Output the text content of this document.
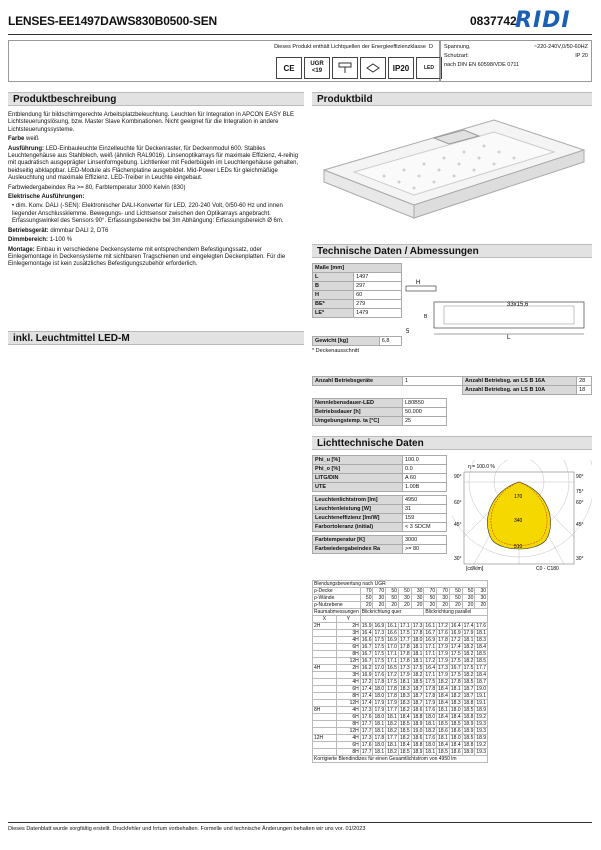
LENSES-EE1497DAWS830B0500-SEN	0837742
RIDI
Dieses Produkt enthält Lichtquellen der Energieeffizienzklasse D
CE	UGR <19	IP20	LED
Spannung,	~220-240V,0/50-60HZ
Schutzart:	IP 20
nach DIN EN 60598/VDE 0711
Produktbeschreibung	Produktbild

Entblendung für bildschirmgerechte Arbeitsplatzbeleuchtung. Leuchten für Integration in APCON EASY BLE Lichtsteuerungslösung, bzw. Master Slave Kombinationen. Nicht geeignet für die Integration in andere Lichtsteuerungssysteme.

Farbe weiß

Ausführung: LED-Einbauleuchte Einzelleuchte für Deckenraster, für Deckenmodul 600. Stabiles Leuchtengehäuse aus Stahlblech, weiß (ähnlich RAL9016). Linsenoptikarrays für maximale Effizienz, 4-reihig mit quadratisch ausgeprägter Linsenformgebung. Lichtlenker mit Federbügeln im Leuchtengehäuse gehalten, beidseitig abklappbar. LED-Module als Flächenplatine ausgebildet. Mid-Power LEDs für gleichmäßige Ausleuchtung und maximale Effizienz. LED-Treiber in Leuchte eingebaut.

Farbwiedergabeindex Ra >= 80, Farbtemperatur 3000 Kelvin (830)

Elektrische Ausführungen:

• dim. Konv. DALI (-SEN): Elektronischer DALI-Konverter für LED, 220-240 Volt, 0/50-60 Hz und innen liegender Anschlussklemme. Bewegungs- und Lichtsensor zwischen den Optikarrays angebracht. Erfassungswinkel des Sensors 90°. Erfassungsbereiche bei 3m Abhängung: Erfassungsbereich Ø 6m.

Betriebsgerät: dimmbar DALI 2, DT6

Dimmbereich: 1-100 %

Montage: Einbau in verschiedene Deckensysteme mit entsprechendem Befestigungssatz, oder Einlegemontage in Deckensysteme mit sichtbaren Tragschienen und eingelegten Deckenplatten. Für die Einlegemontage ist kein zusätzliches Befestigungszubehör erforderlich.

inkl. Leuchtmittel LED-M
Technische Daten / Abmessungen
Maße [mm]	
L	1497
B	297
H	60
BE*	279
LE*	1479
Gewicht [kg]	6,8
* Deckenausschnitt
H
B
33x15,6
L
5
Anzahl Betriebsgeräte	1	Anzahl Betriebsg. an LS B 16A	28
		Anzahl Betriebsg. an LS B 10A	18
Nennlebensdauer-LED	L80B50
Betriebsdauer [h]	50.000
Umgebungstemp. ta [°C]	25
Lichttechnische Daten
Phi_u [%]	100.0
Phi_o [%]	0.0
LITG/DIN	A 60
UTE	1.00B

Leuchtenlichtstrom [lm]	4950
Leuchtenleistung [W]	31
Leuchteneffizienz [lm/W]	159
Farbortoleranz (initial)	< 3 SDCM

Farbtemperatur [K]	3000
Farbwiedergabeindex Ra	>= 80
η = 100.0 %
170
340
510
90°	90°
75°
60°	60°
45°	45°
30°	30°
[cd/klm]	C0 - C180
Blendungsbewertung nach UGR											
ρ-Decke		70	70	50	50	30	70	70	50	50	30
ρ-Wände		50	30	50	30	30	50	30	50	30	30
ρ-Nutzebene		20	20	20	20	20	20	20	20	20	20
Raumabmessungen		Blickrichtung quer					Blickrichtung parallel				
X	Y										
2H	2H	15.9	16.9	16.1	17.1	17.3	16.1	17.2	16.4	17.4	17.6
	3H	16.4	17.3	16.6	17.5	17.8	16.7	17.6	16.9	17.9	18.1
	4H	16.6	17.5	16.9	17.7	18.0	16.9	17.8	17.2	18.1	18.3
	6H	16.7	17.5	17.0	17.8	18.1	17.1	17.9	17.4	18.2	18.4
	8H	16.7	17.5	17.1	17.8	18.1	17.1	17.9	17.5	18.2	18.5
	12H	16.7	17.5	17.1	17.8	18.1	17.2	17.9	17.5	18.2	18.5
4H	2H	16.2	17.0	16.5	17.3	17.5	16.4	17.3	16.7	17.5	17.7
	3H	16.9	17.6	17.2	17.9	18.2	17.1	17.9	17.5	18.2	18.4
	4H	17.2	17.8	17.5	18.1	18.5	17.5	18.2	17.8	18.5	18.7
	6H	17.4	18.0	17.8	18.3	18.7	17.8	18.4	18.1	18.7	19.0
	8H	17.4	18.0	17.8	18.3	18.7	17.8	18.4	18.2	18.7	19.1
	12H	17.4	17.9	17.9	18.3	18.7	17.9	18.4	18.3	18.8	19.1
8H	4H	17.3	17.9	17.7	18.2	18.6	17.6	18.1	18.0	18.5	18.9
	6H	17.6	18.0	18.1	18.4	18.8	18.0	18.4	18.4	18.8	19.2
	8H	17.7	18.1	18.2	18.5	18.9	18.1	18.5	18.5	18.9	19.3
	12H	17.7	18.1	18.2	18.5	19.0	18.2	18.6	18.6	18.9	19.3
12H	4H	17.3	17.8	17.7	18.2	18.6	17.6	18.1	18.0	18.5	18.9
	6H	17.6	18.0	18.1	18.4	18.8	18.0	18.4	18.4	18.8	19.2
	8H	17.7	18.1	18.2	18.5	18.9	18.1	18.5	18.6	18.9	19.3
Korrigierte Blendindizes für einen Gesamtlichtstrom von 4950 lm											
Dieses Datenblatt wurde sorgfältig erstellt. Druckfehler und Irrtum vorbehalten. Formelle und technische Änderungen behalten wir uns vor. 01/2023
